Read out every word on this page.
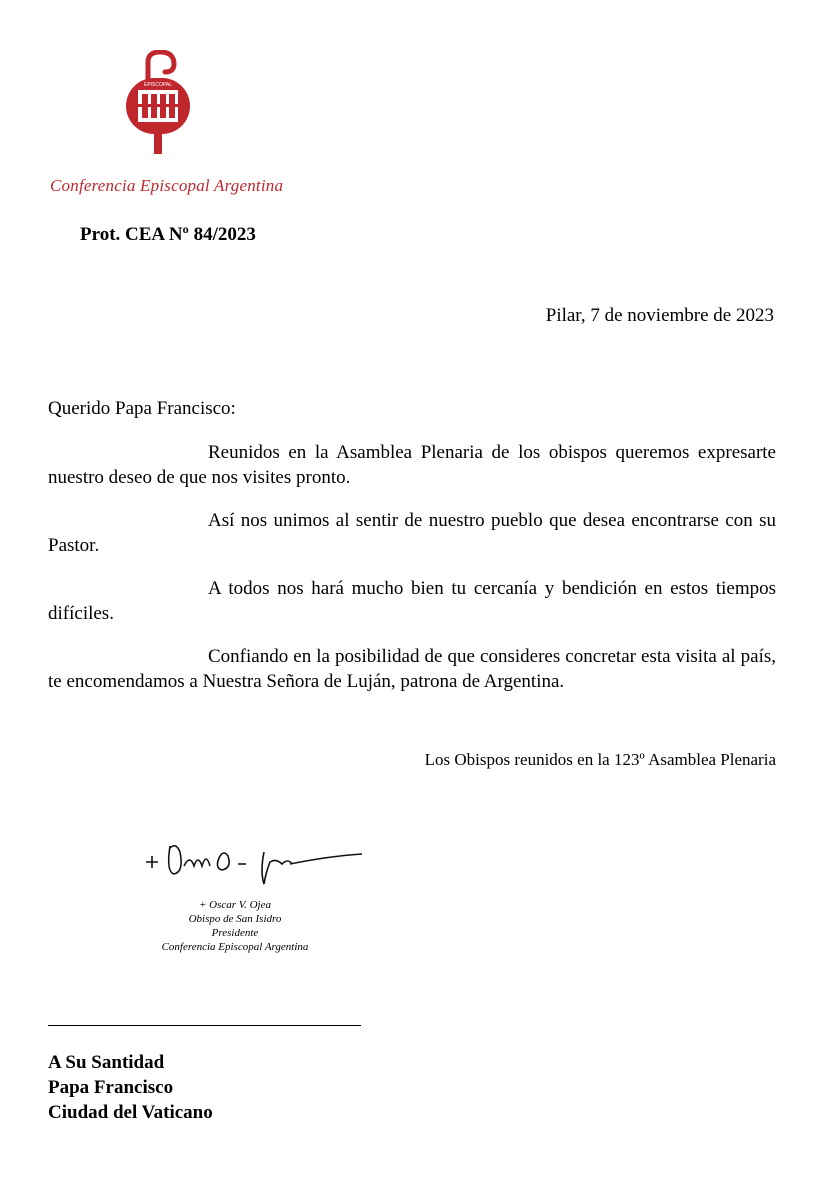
EPISCOPAL
Conferencia Episcopal Argentina
Prot. CEA Nº 84/2023
Pilar, 7 de noviembre de 2023
Querido Papa Francisco:

Reunidos en la Asamblea Plenaria de los obispos queremos expresarte nuestro deseo de que nos visites pronto.

Así nos unimos al sentir de nuestro pueblo que desea encontrarse con su Pastor.

A todos nos hará mucho bien tu cercanía y bendición en estos tiempos difíciles.

Confiando en la posibilidad de que consideres concretar esta visita al país, te encomendamos a Nuestra Señora de Luján, patrona de Argentina.

Los Obispos reunidos en la 123º Asamblea Plenaria
+ Oscar V. Ojea
Obispo de San Isidro
Presidente
Conferencia Episcopal Argentina
A Su Santidad
Papa Francisco
Ciudad del Vaticano
